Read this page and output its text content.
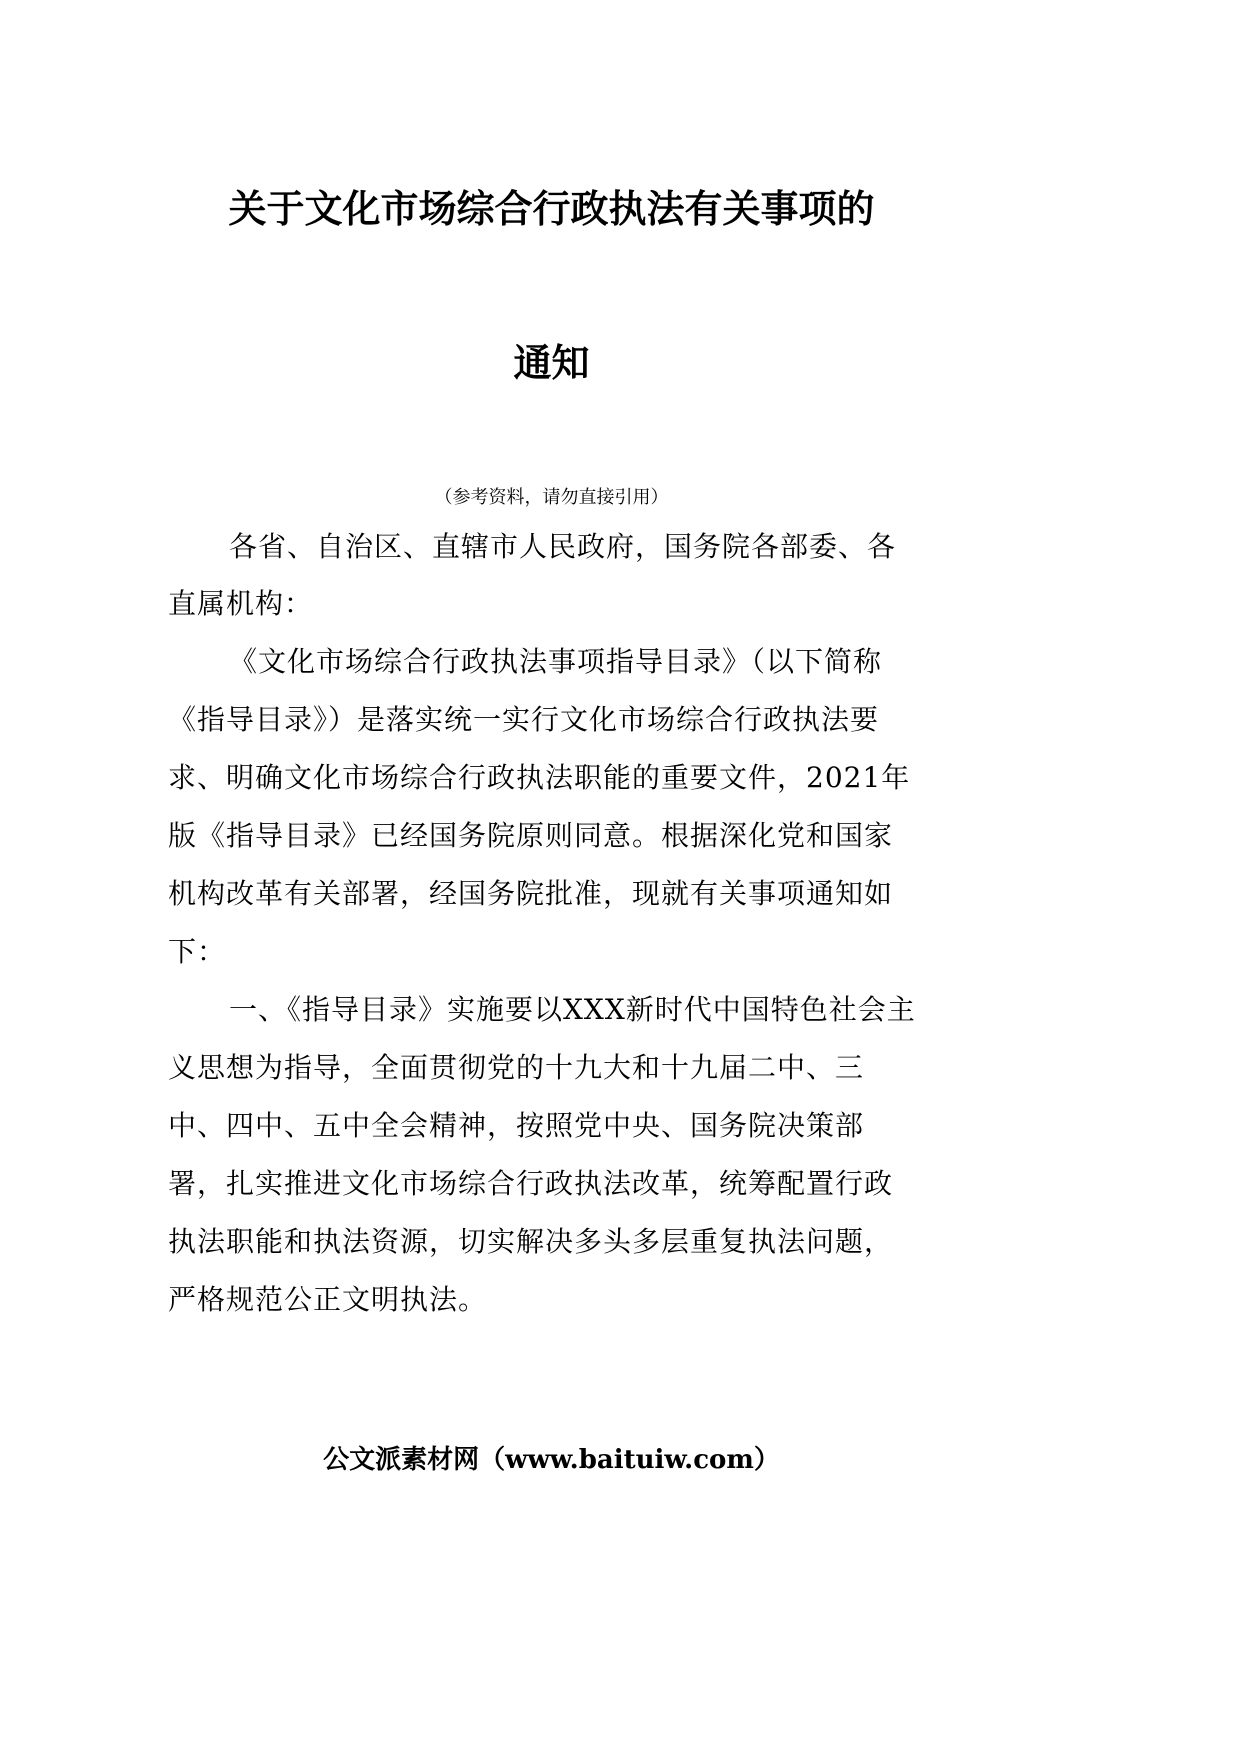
关于文化市场综合行政执法有关事项的
通知
（参考资料，请勿直接引用）
各省、自治区、直辖市人民政府，国务院各部委、各
直属机构：
《文化市场综合行政执法事项指导目录》（以下简称
《指导目录》）是落实统一实行文化市场综合行政执法要
求、明确文化市场综合行政执法职能的重要文件，2021年
版《指导目录》已经国务院原则同意。根据深化党和国家
机构改革有关部署，经国务院批准，现就有关事项通知如
下：
一、《指导目录》实施要以XXX新时代中国特色社会主
义思想为指导，全面贯彻党的十九大和十九届二中、三
中、四中、五中全会精神，按照党中央、国务院决策部
署，扎实推进文化市场综合行政执法改革，统筹配置行政
执法职能和执法资源，切实解决多头多层重复执法问题，
严格规范公正文明执法。
公文派素材网（www.baituiw.com）
